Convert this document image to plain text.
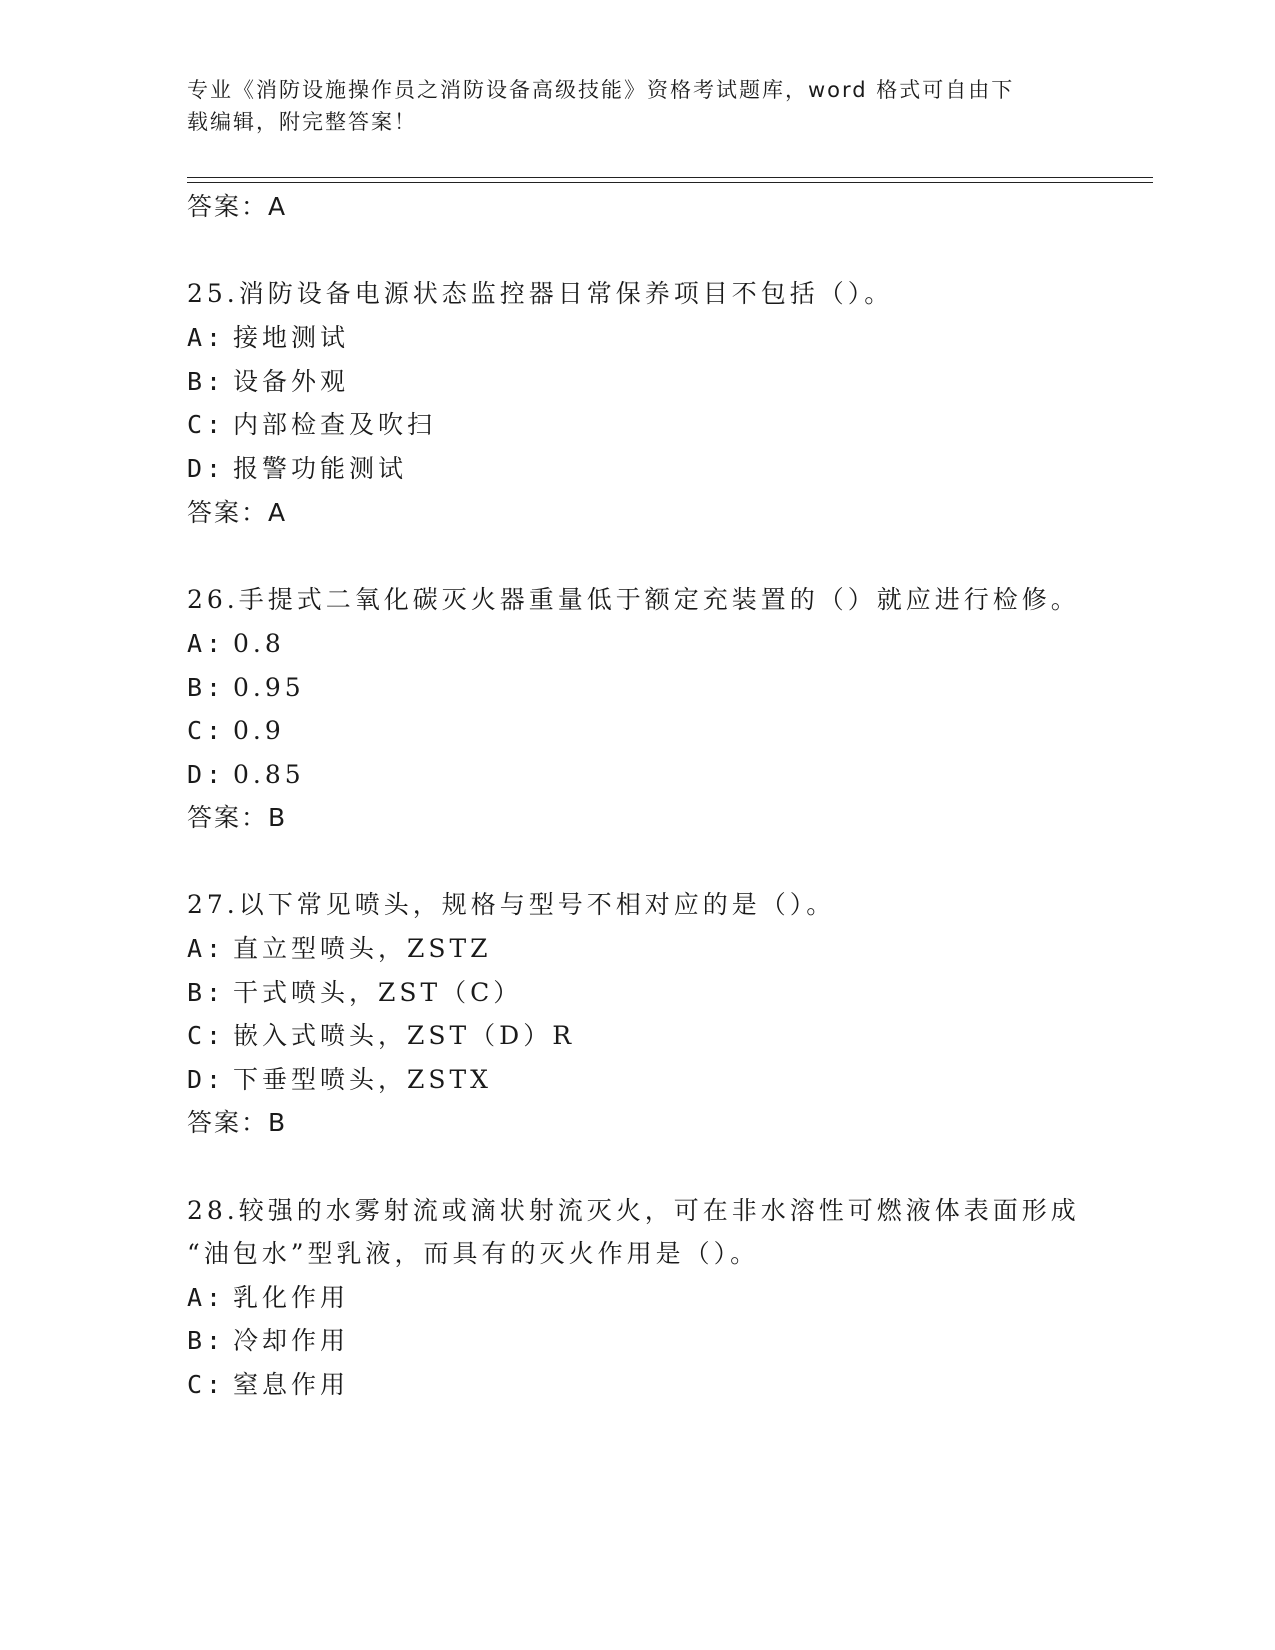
专业《消防设施操作员之消防设备高级技能》资格考试题库，word 格式可自由下
载编辑，附完整答案！
答案：A
25.消防设备电源状态监控器日常保养项目不包括（）。
A: 接地测试
B: 设备外观
C: 内部检查及吹扫
D: 报警功能测试
答案：A
26.手提式二氧化碳灭火器重量低于额定充装置的（）就应进行检修。
A: 0.8
B: 0.95
C: 0.9
D: 0.85
答案：B
27.以下常见喷头，规格与型号不相对应的是（）。
A: 直立型喷头，ZSTZ
B: 干式喷头，ZST（C）
C: 嵌入式喷头，ZST（D）R
D: 下垂型喷头，ZSTX
答案：B
28.较强的水雾射流或滴状射流灭火，可在非水溶性可燃液体表面形成
“油包水”型乳液，而具有的灭火作用是（）。
A: 乳化作用
B: 冷却作用
C: 窒息作用
